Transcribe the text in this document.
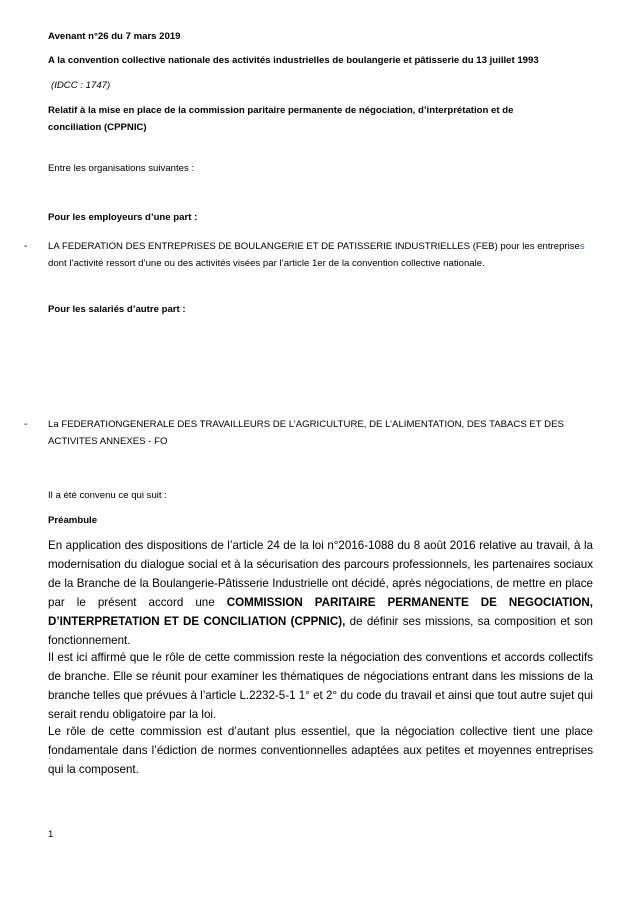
Avenant n°26 du 7 mars 2019
A la convention collective nationale des activités industrielles de boulangerie et pâtisserie du 13 juillet 1993
(IDCC : 1747)
Relatif à la mise en place de la commission paritaire permanente de négociation, d’interprétation et de
conciliation (CPPNIC)
Entre les organisations suivantes :
Pour les employeurs d’une part :
- LA FEDERATION DES ENTREPRISES DE BOULANGERIE ET DE PATISSERIE INDUSTRIELLES (FEB) pour les entreprises
dont l’activité ressort d’une ou des activités visées par l’article 1er de la convention collective nationale.
Pour les salariés d’autre part :
- La FEDERATIONGENERALE DES TRAVAILLEURS DE L’AGRICULTURE, DE L’ALIMENTATION, DES TABACS ET DES
ACTIVITES ANNEXES - FO
Il a été convenu ce qui suit :
Préambule
En application des dispositions de l’article 24 de la loi n°2016-1088 du 8 août 2016 relative au travail, à la modernisation du dialogue social et à la sécurisation des parcours professionnels, les partenaires sociaux de la Branche de la Boulangerie-Pâtisserie Industrielle ont décidé, après négociations, de mettre en place par le présent accord une COMMISSION PARITAIRE PERMANENTE DE NEGOCIATION, D’INTERPRETATION ET DE CONCILIATION (CPPNIC), de définir ses missions, sa composition et son fonctionnement.
Il est ici affirmé que le rôle de cette commission reste la négociation des conventions et accords collectifs de branche. Elle se réunit pour examiner les thématiques de négociations entrant dans les missions de la branche telles que prévues à l’article L.2232-5-1 1° et 2° du code du travail et ainsi que tout autre sujet qui serait rendu obligatoire par la loi.
Le rôle de cette commission est d’autant plus essentiel, que la négociation collective tient une place fondamentale dans l’édiction de normes conventionnelles adaptées aux petites et moyennes entreprises qui la composent.
1
